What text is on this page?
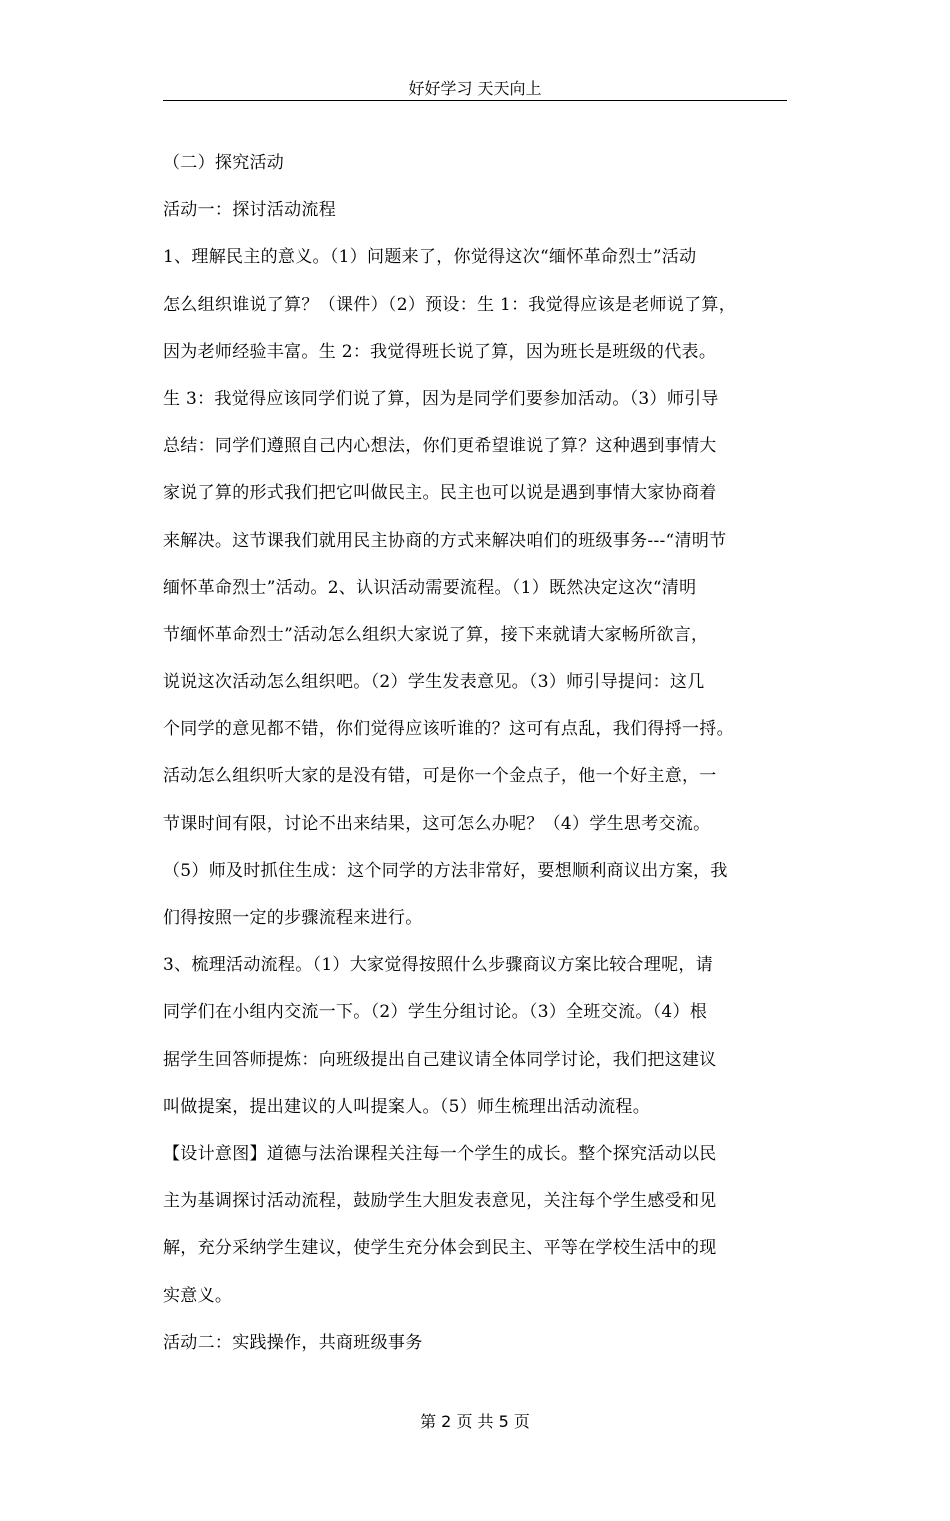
好好学习 天天向上
（二）探究活动
活动一：探讨活动流程
1、理解民主的意义。（1）问题来了，你觉得这次“缅怀革命烈士”活动
怎么组织谁说了算？（课件）（2）预设：生 1：我觉得应该是老师说了算，
因为老师经验丰富。生 2：我觉得班长说了算，因为班长是班级的代表。
生 3：我觉得应该同学们说了算，因为是同学们要参加活动。（3）师引导
总结：同学们遵照自己内心想法，你们更希望谁说了算？这种遇到事情大
家说了算的形式我们把它叫做民主。民主也可以说是遇到事情大家协商着
来解决。这节课我们就用民主协商的方式来解决咱们的班级事务---“清明节
缅怀革命烈士”活动。2、认识活动需要流程。（1）既然决定这次“清明
节缅怀革命烈士”活动怎么组织大家说了算，接下来就请大家畅所欲言，
说说这次活动怎么组织吧。（2）学生发表意见。（3）师引导提问：这几
个同学的意见都不错，你们觉得应该听谁的？这可有点乱，我们得捋一捋。
活动怎么组织听大家的是没有错，可是你一个金点子，他一个好主意，一
节课时间有限，讨论不出来结果，这可怎么办呢？（4）学生思考交流。
（5）师及时抓住生成：这个同学的方法非常好，要想顺利商议出方案，我
们得按照一定的步骤流程来进行。
3、梳理活动流程。（1）大家觉得按照什么步骤商议方案比较合理呢，请
同学们在小组内交流一下。（2）学生分组讨论。（3）全班交流。（4）根
据学生回答师提炼：向班级提出自己建议请全体同学讨论，我们把这建议
叫做提案，提出建议的人叫提案人。（5）师生梳理出活动流程。
【设计意图】道德与法治课程关注每一个学生的成长。整个探究活动以民
主为基调探讨活动流程，鼓励学生大胆发表意见，关注每个学生感受和见
解，充分采纳学生建议，使学生充分体会到民主、平等在学校生活中的现
实意义。
活动二：实践操作，共商班级事务
第 2 页 共 5 页
